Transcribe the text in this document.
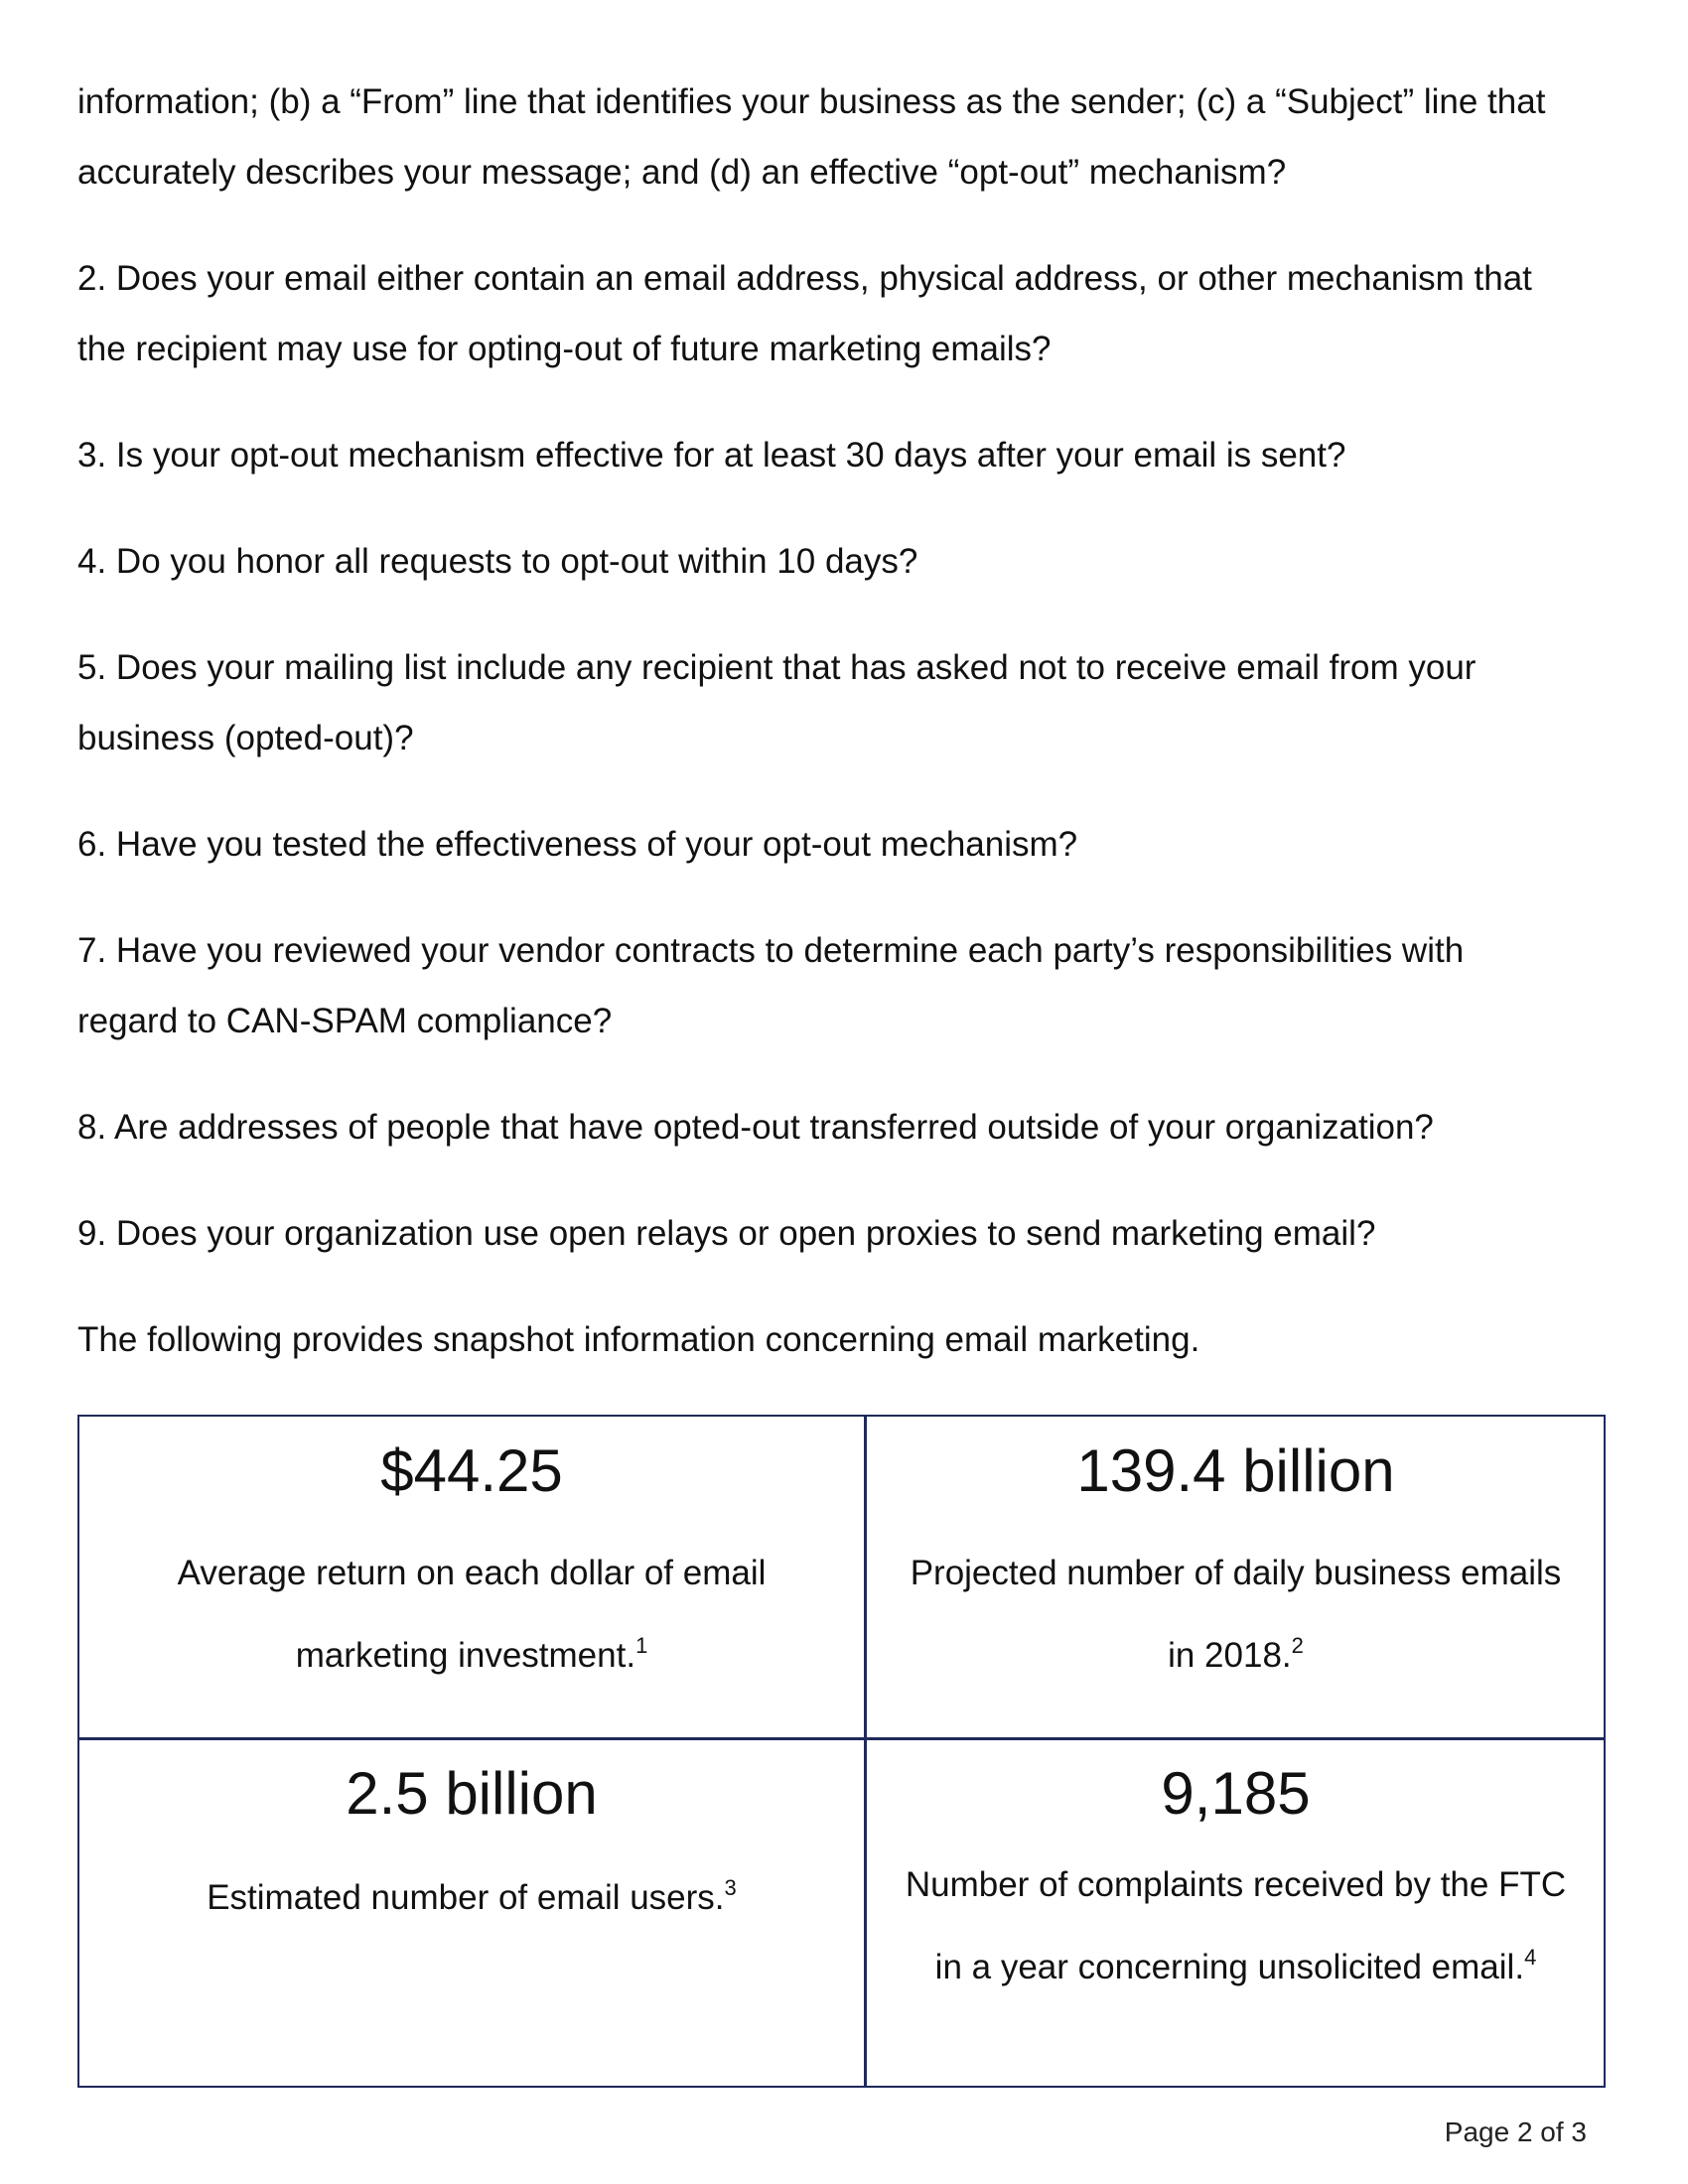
information; (b) a “From” line that identifies your business as the sender; (c) a “Subject” line that

accurately describes your message; and (d) an effective “opt-out” mechanism?

2. Does your email either contain an email address, physical address, or other mechanism that

the recipient may use for opting-out of future marketing emails?

3. Is your opt-out mechanism effective for at least 30 days after your email is sent?

4. Do you honor all requests to opt-out within 10 days?

5. Does your mailing list include any recipient that has asked not to receive email from your

business (opted-out)?

6. Have you tested the effectiveness of your opt-out mechanism?

7. Have you reviewed your vendor contracts to determine each party’s responsibilities with

regard to CAN-SPAM compliance?

8. Are addresses of people that have opted-out transferred outside of your organization?

9. Does your organization use open relays or open proxies to send marketing email?

The following provides snapshot information concerning email marketing.

$44.25
Average return on each dollar of email
marketing investment.$^1$
139.4 billion
Projected number of daily business emails
in 2018.$^2$
2.5 billion
Estimated number of email users.$^3$
9,185
Number of complaints received by the FTC
in a year concerning unsolicited email.$^4$
Page 2 of 3
